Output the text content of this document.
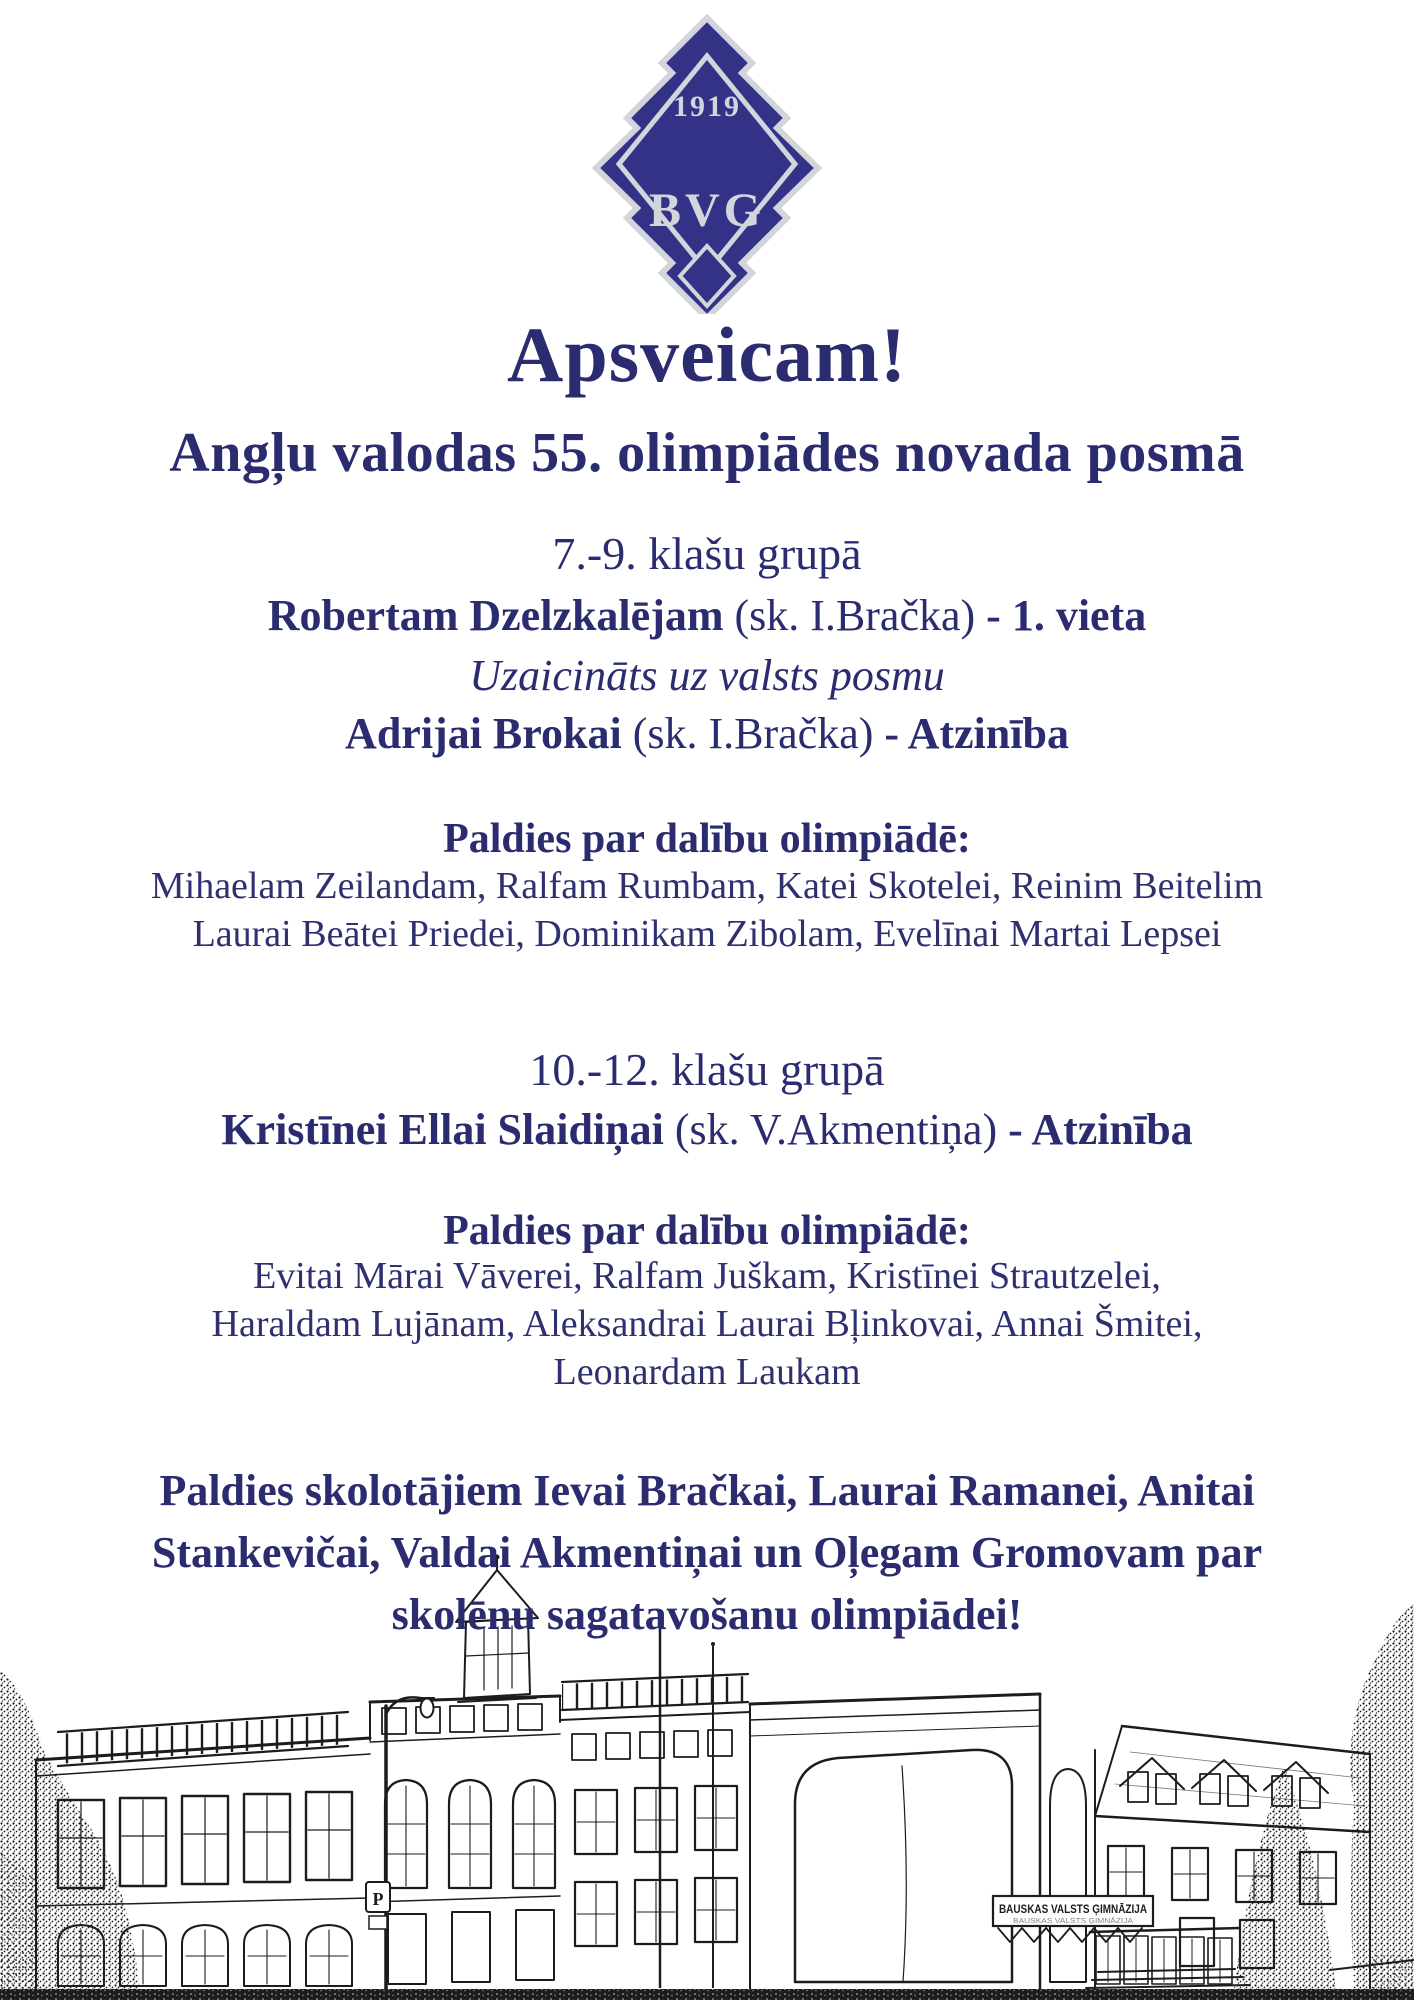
1919
BVG
Apsveicam!
Angļu valodas 55. olimpiādes novada posmā
7.-9. klašu grupā
Robertam Dzelzkalējam (sk. I.Bračka) - 1. vieta
Uzaicināts uz valsts posmu
Adrijai Brokai (sk. I.Bračka) - Atzinība
Paldies par dalību olimpiādē:
Mihaelam Zeilandam, Ralfam Rumbam, Katei Skotelei, Reinim Beitelim
Laurai Beātei Priedei, Dominikam Zibolam, Evelīnai Martai Lepsei
10.-12. klašu grupā
Kristīnei Ellai Slaidiņai (sk. V.Akmentiņa) - Atzinība
Paldies par dalību olimpiādē:
Evitai Mārai Vāverei, Ralfam Juškam, Kristīnei Strautzelei,
Haraldam Lujānam, Aleksandrai Laurai Bļinkovai, Annai Šmitei,
Leonardam Laukam
Paldies skolotājiem Ievai Bračkai, Laurai Ramanei, Anitai
Stankevičai, Valdai Akmentiņai un Oļegam Gromovam par
skolēnu sagatavošanu olimpiādei!
BAUSKAS VALSTS ĢIMNĀZIJA
BAUSKAS VALSTS ĢIMNĀZIJA
P
